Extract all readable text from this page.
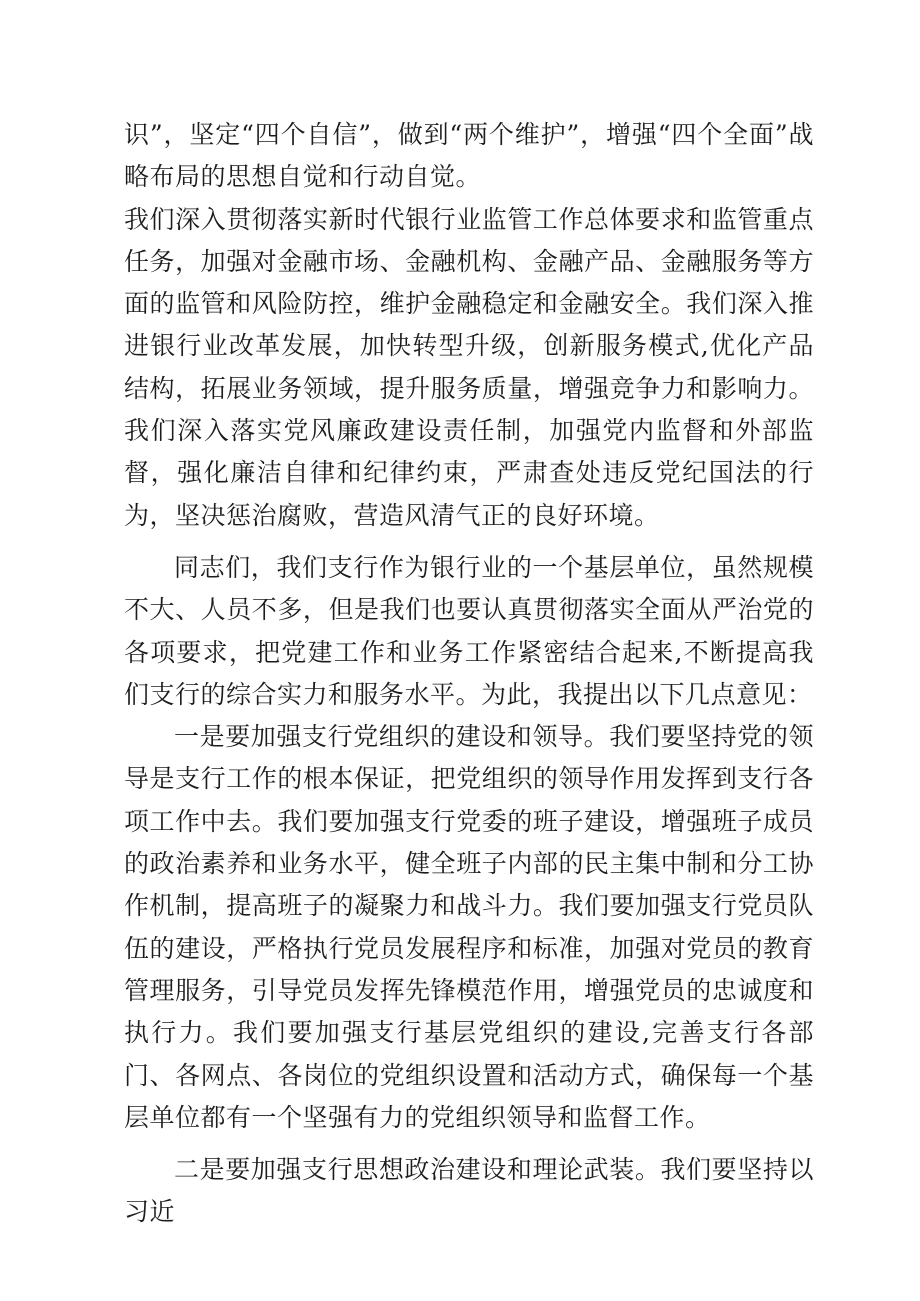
识”，坚定“四个自信”，做到“两个维护”，增强“四个全面”战略布局的思想自觉和行动自觉。

我们深入贯彻落实新时代银行业监管工作总体要求和监管重点任务，加强对金融市场、金融机构、金融产品、金融服务等方面的监管和风险防控，维护金融稳定和金融安全。我们深入推进银行业改革发展，加快转型升级，创新服务模式,优化产品结构，拓展业务领域，提升服务质量，增强竞争力和影响力。我们深入落实党风廉政建设责任制，加强党内监督和外部监督，强化廉洁自律和纪律约束，严肃查处违反党纪国法的行为，坚决惩治腐败，营造风清气正的良好环境。

同志们，我们支行作为银行业的一个基层单位，虽然规模不大、人员不多，但是我们也要认真贯彻落实全面从严治党的各项要求，把党建工作和业务工作紧密结合起来,不断提高我们支行的综合实力和服务水平。为此，我提出以下几点意见：

一是要加强支行党组织的建设和领导。我们要坚持党的领导是支行工作的根本保证，把党组织的领导作用发挥到支行各项工作中去。我们要加强支行党委的班子建设，增强班子成员的政治素养和业务水平，健全班子内部的民主集中制和分工协作机制，提高班子的凝聚力和战斗力。我们要加强支行党员队伍的建设，严格执行党员发展程序和标准，加强对党员的教育管理服务，引导党员发挥先锋模范作用，增强党员的忠诚度和执行力。我们要加强支行基层党组织的建设,完善支行各部门、各网点、各岗位的党组织设置和活动方式，确保每一个基层单位都有一个坚强有力的党组织领导和监督工作。

二是要加强支行思想政治建设和理论武装。我们要坚持以习近
